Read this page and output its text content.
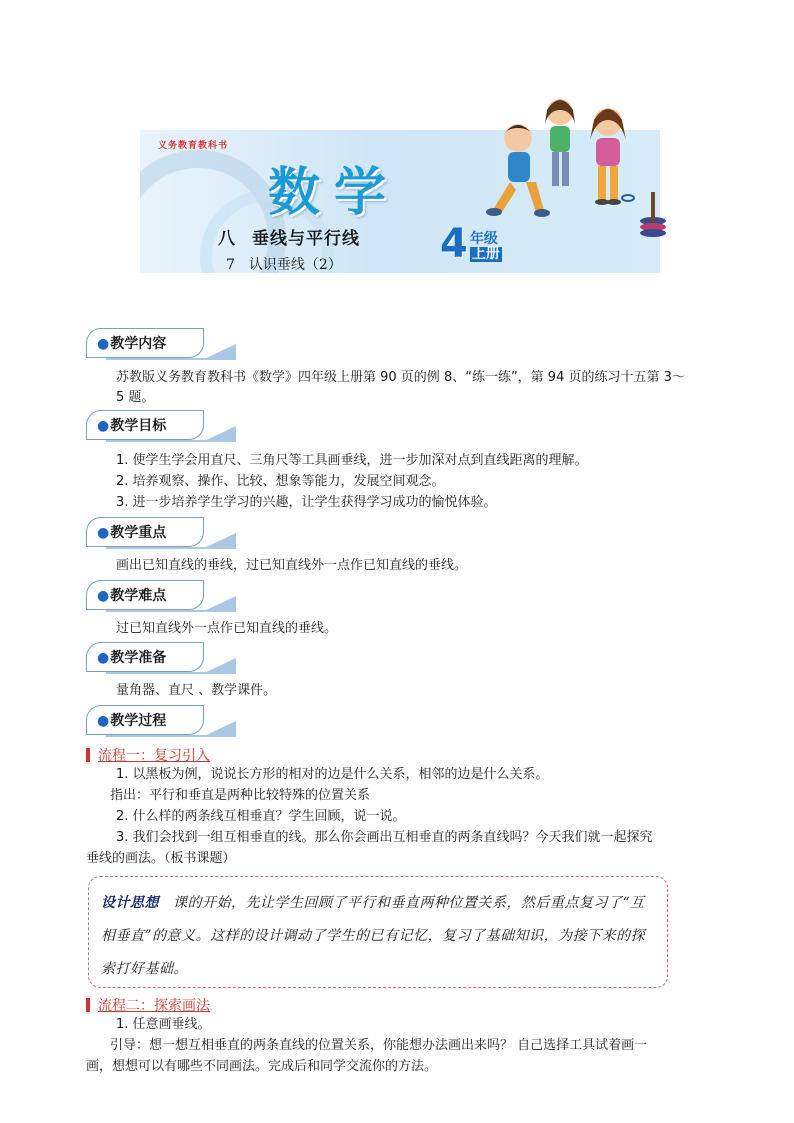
义务教育教科书
数学
八 垂线与平行线
7 认识垂线（2） 4 年级
上册
●教学内容
苏教版义务教育教科书《数学》四年级上册第 90 页的例 8、“练一练”，第 94 页的练习十五第 3～5 题。
●教学目标
1. 使学生学会用直尺、三角尺等工具画垂线，进一步加深对点到直线距离的理解。
2. 培养观察、操作、比较、想象等能力，发展空间观念。
3. 进一步培养学生学习的兴趣，让学生获得学习成功的愉悦体验。
●教学重点
画出已知直线的垂线，过已知直线外一点作已知直线的垂线。
●教学难点
过已知直线外一点作已知直线的垂线。
●教学准备
量角器、直尺 、教学课件。
●教学过程
流程一：复习引入
1. 以黑板为例，说说长方形的相对的边是什么关系，相邻的边是什么关系。
指出：平行和垂直是两种比较特殊的位置关系
2. 什么样的两条线互相垂直？学生回顾，说一说。
3. 我们会找到一组互相垂直的线。那么你会画出互相垂直的两条直线吗？今天我们就一起探究
垂线的画法。（板书课题）
设计思想 课的开始，先让学生回顾了平行和垂直两种位置关系，然后重点复习了“互相垂直”的意义。这样的设计调动了学生的已有记忆，复习了基础知识，为接下来的探索打好基础。
流程二：探索画法
1. 任意画垂线。
引导：想一想互相垂直的两条直线的位置关系，你能想办法画出来吗？ 自己选择工具试着画一
画，想想可以有哪些不同画法。完成后和同学交流你的方法。
